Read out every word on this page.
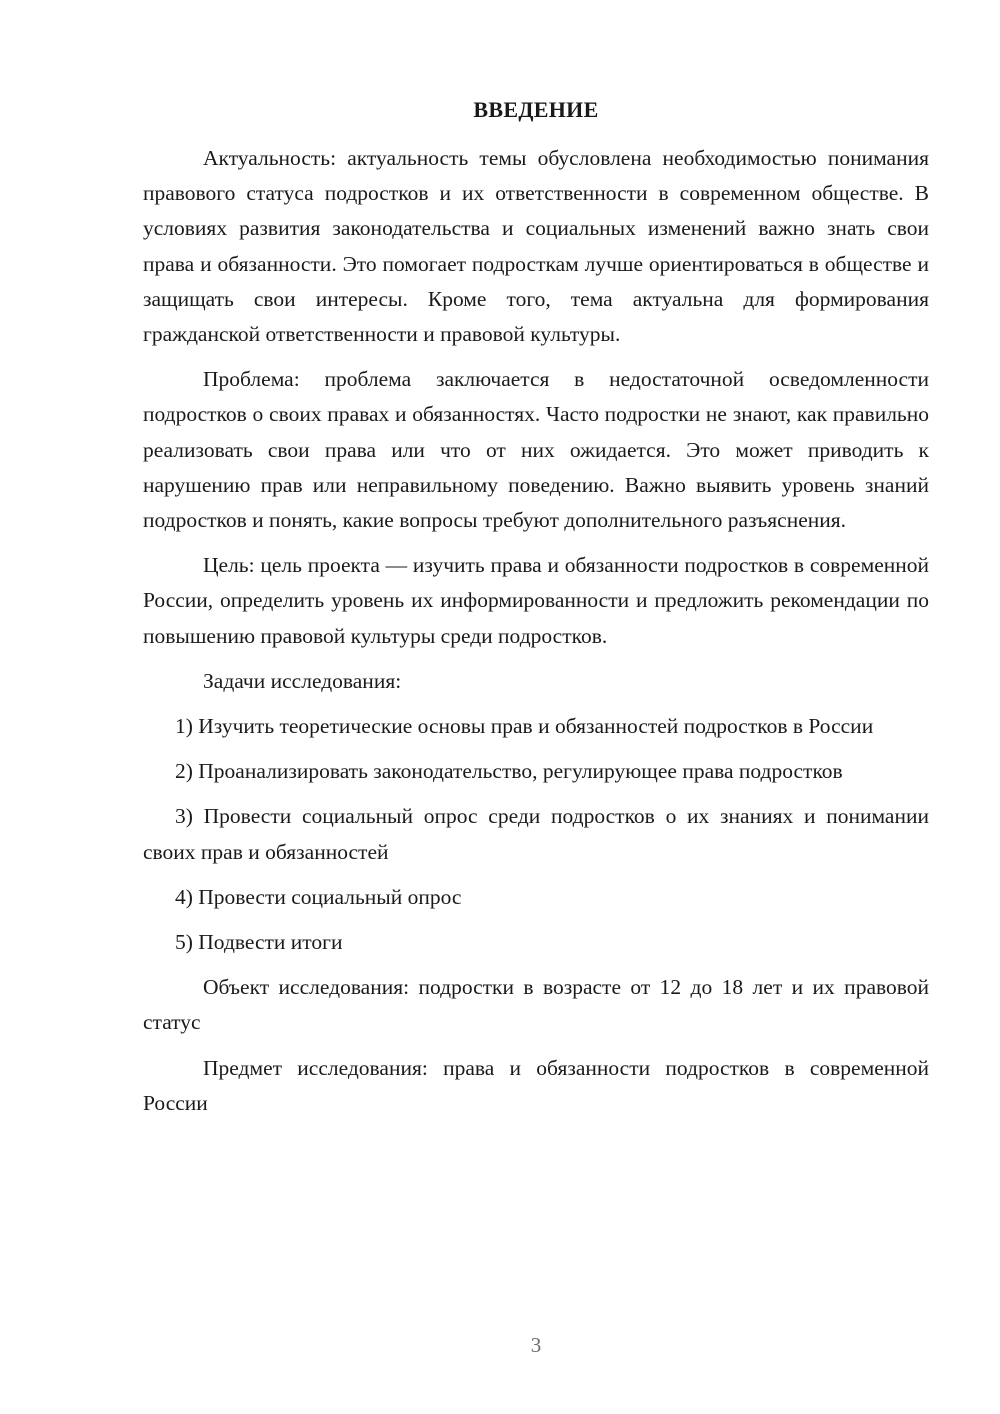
ВВЕДЕНИЕ

Актуальность: актуальность темы обусловлена необходимостью понимания правового статуса подростков и их ответственности в современном обществе. В условиях развития законодательства и социальных изменений важно знать свои права и обязанности. Это помогает подросткам лучше ориентироваться в обществе и защищать свои интересы. Кроме того, тема актуальна для формирования гражданской ответственности и правовой культуры.

Проблема: проблема заключается в недостаточной осведомленности подростков о своих правах и обязанностях. Часто подростки не знают, как правильно реализовать свои права или что от них ожидается. Это может приводить к нарушению прав или неправильному поведению. Важно выявить уровень знаний подростков и понять, какие вопросы требуют дополнительного разъяснения.

Цель: цель проекта — изучить права и обязанности подростков в современной России, определить уровень их информированности и предложить рекомендации по повышению правовой культуры среди подростков.

Задачи исследования:

1) Изучить теоретические основы прав и обязанностей подростков в России

2) Проанализировать законодательство, регулирующее права подростков

3) Провести социальный опрос среди подростков о их знаниях и понимании своих прав и обязанностей

4) Провести социальный опрос

5) Подвести итоги

Объект исследования: подростки в возрасте от 12 до 18 лет и их правовой статус

Предмет исследования: права и обязанности подростков в современной России

3
